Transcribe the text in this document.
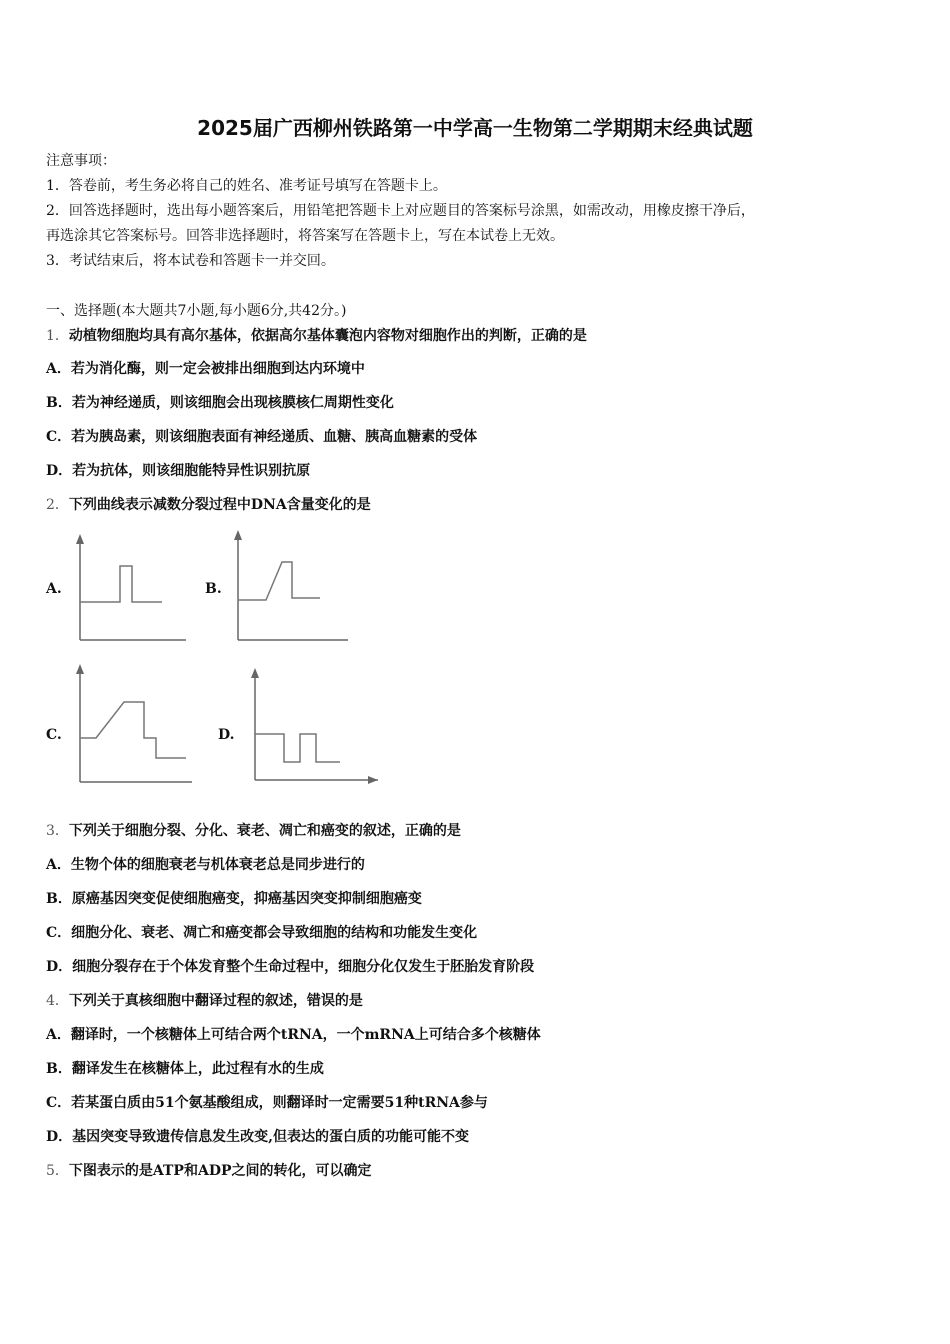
2025届广西柳州铁路第一中学高一生物第二学期期末经典试题
注意事项：
1．答卷前，考生务必将自己的姓名、准考证号填写在答题卡上。
2．回答选择题时，选出每小题答案后，用铅笔把答题卡上对应题目的答案标号涂黑，如需改动，用橡皮擦干净后，
再选涂其它答案标号。回答非选择题时，将答案写在答题卡上，写在本试卷上无效。
3．考试结束后，将本试卷和答题卡一并交回。
一、选择题(本大题共7小题,每小题6分,共42分。)
1．动植物细胞均具有高尔基体，依据高尔基体囊泡内容物对细胞作出的判断，正确的是
A．若为消化酶，则一定会被排出细胞到达内环境中
B．若为神经递质，则该细胞会出现核膜核仁周期性变化
C．若为胰岛素，则该细胞表面有神经递质、血糖、胰高血糖素的受体
D．若为抗体，则该细胞能特异性识别抗原
2．下列曲线表示减数分裂过程中DNA含量变化的是
A.	B.
C.	D.
3．下列关于细胞分裂、分化、衰老、凋亡和癌变的叙述，正确的是
A．生物个体的细胞衰老与机体衰老总是同步进行的
B．原癌基因突变促使细胞癌变，抑癌基因突变抑制细胞癌变
C．细胞分化、衰老、凋亡和癌变都会导致细胞的结构和功能发生变化
D．细胞分裂存在于个体发育整个生命过程中，细胞分化仅发生于胚胎发育阶段
4．下列关于真核细胞中翻译过程的叙述，错误的是
A．翻译时，一个核糖体上可结合两个tRNA，一个mRNA上可结合多个核糖体
B．翻译发生在核糖体上，此过程有水的生成
C．若某蛋白质由51个氨基酸组成，则翻译时一定需要51种tRNA参与
D．基因突变导致遗传信息发生改变,但表达的蛋白质的功能可能不变
5．下图表示的是ATP和ADP之间的转化，可以确定
